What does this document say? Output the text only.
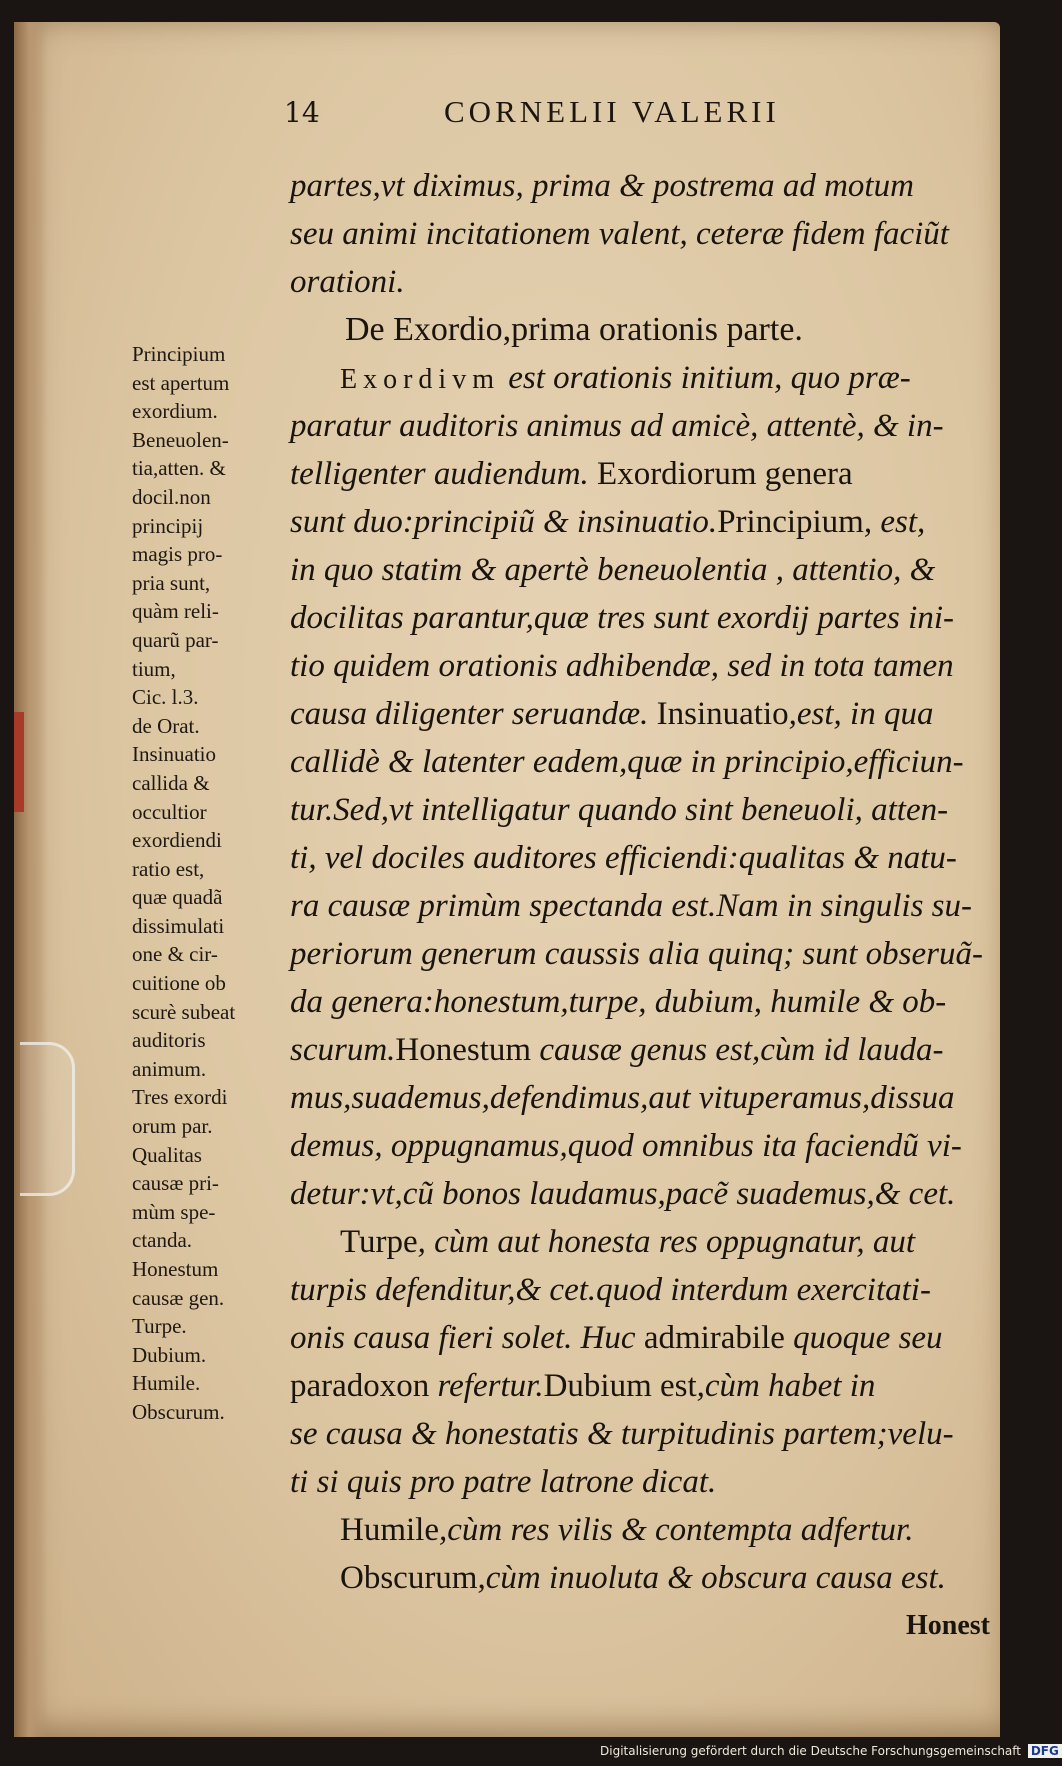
14	CORNELII VALERII
partes,vt diximus, prima & postrema ad motum
seu animi incitationem valent, ceteræ fidem faciũt
orationi.
De Exordio,prima orationis parte.
Exordivm est orationis initium, quo præ-
paratur auditoris animus ad amicè, attentè, & in-
telligenter audiendum. Exordiorum genera
sunt duo:principiũ & insinuatio.Principium, est,
in quo statim & apertè beneuolentia , attentio, &
docilitas parantur,quæ tres sunt exordij partes ini-
tio quidem orationis adhibendæ, sed in tota tamen
causa diligenter seruandæ. Insinuatio,est, in qua
callidè & latenter eadem,quæ in principio,efficiun-
tur.Sed,vt intelligatur quando sint beneuoli, atten-
ti, vel dociles auditores efficiendi:qualitas & natu-
ra causæ primùm spectanda est.Nam in singulis su-
periorum generum caussis alia quinq; sunt obseruã-
da genera:honestum,turpe, dubium, humile & ob-
scurum.Honestum causæ genus est,cùm id lauda-
mus,suademus,defendimus,aut vituperamus,dissua
demus, oppugnamus,quod omnibus ita faciendũ vi-
detur:vt,cũ bonos laudamus,pacẽ suademus,& cet.
Turpe, cùm aut honesta res oppugnatur, aut
turpis defenditur,& cet.quod interdum exercitati-
onis causa fieri solet. Huc admirabile quoque seu
paradoxon refertur.Dubium est,cùm habet in
se causa & honestatis & turpitudinis partem;velu-
ti si quis pro patre latrone dicat.
Humile,cùm res vilis & contempta adfertur.
Obscurum,cùm inuoluta & obscura causa est.
Honest
Principium
est apertum
exordium.
Beneuolen-
tia,atten. &
docil.non
principij
magis pro-
pria sunt,
quàm reli-
quarũ par-
tium,
Cic. l.3.
de Orat.
Insinuatio
callida &
occultior
exordiendi
ratio est,
quæ quadã
dissimulati
one & cir-
cuitione ob
scurè subeat
auditoris
animum.
Tres exordi
orum par.
Qualitas
causæ pri-
mùm spe-
ctanda.
Honestum
causæ gen.
Turpe.
Dubium.
Humile.
Obscurum.
Digitalisierung gefördert durch die Deutsche Forschungsgemeinschaft DFG
